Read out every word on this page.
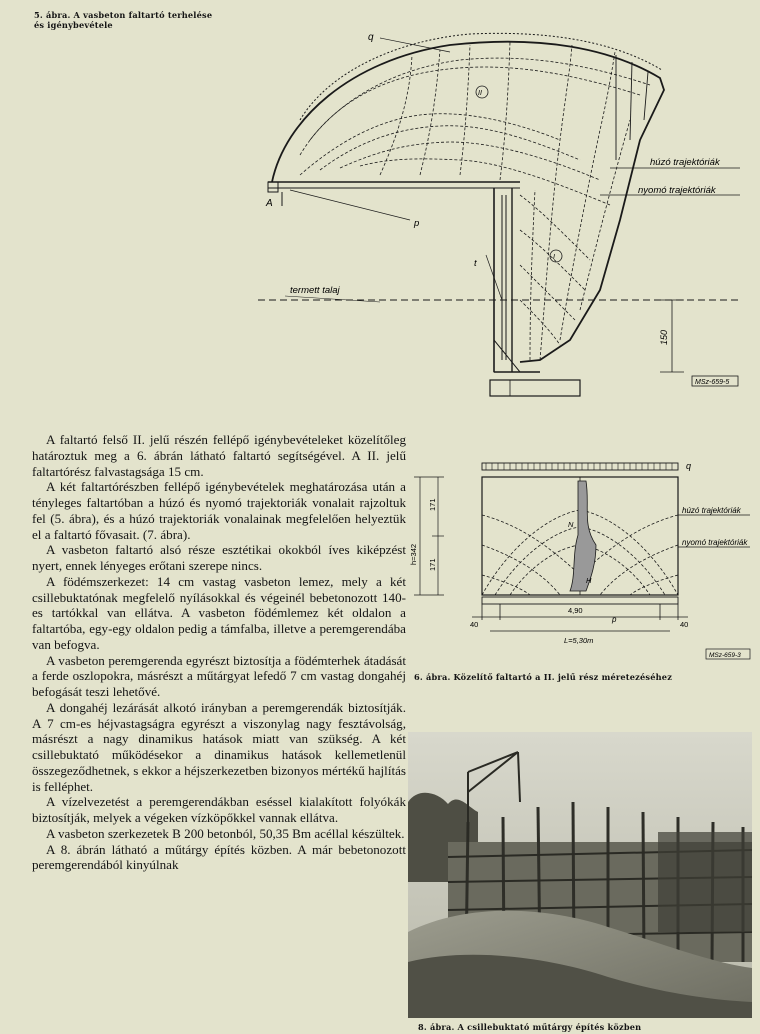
5. ábra. A vasbeton faltartó terhelése
és igénybevétele
q
II
I
húzó trajektóriák
nyomó trajektóriák
A
p
t
termett talaj
150
MSz-659-5

A faltartó felső II. jelű részén fellépő igénybevételeket közelítőleg határoztuk meg a 6. ábrán látható faltartó segítségével. A II. jelű faltartórész falvastagsága 15 cm.

A két faltartórészben fellépő igénybevételek meghatározása után a tényleges faltartóban a húzó és nyomó trajektoriák vonalait rajzoltuk fel (5. ábra), és a húzó trajektoriák vonalainak megfelelően helyeztük el a faltartó fővasait. (7. ábra).

A vasbeton faltartó alsó része esztétikai okokból íves kiképzést nyert, ennek lényeges erőtani szerepe nincs.

A födémszerkezet: 14 cm vastag vasbeton lemez, mely a két csillebuktatónak megfelelő nyílásokkal és végeinél bebetonozott 140-es tartókkal van ellátva. A vasbeton födémlemez két oldalon a faltartóba, egy-egy oldalon pedig a támfalba, illetve a peremgerendába van befogva.

A vasbeton peremgerenda egyrészt biztosítja a födémterhek átadását a ferde oszlopokra, másrészt a műtárgyat lefedő 7 cm vastag dongahéj befogását teszi lehetővé.

A dongahéj lezárását alkotó irányban a peremgerendák biztosítják. A 7 cm-es héjvastagságra egyrészt a viszonylag nagy fesztávolság, másrészt a nagy dinamikus hatások miatt van szükség. A két csillebuktató működésekor a dinamikus hatások kellemetlenül összegeződhetnek, s ekkor a héjszerkezetben bizonyos mértékű hajlítás is felléphet.

A vízelvezetést a peremgerendákban eséssel kialakított folyókák biztosítják, melyek a végeken vízköpőkkel vannak ellátva.

A vasbeton szerkezetek B 200 betonból, 50,35 Bm acéllal készültek.

A 8. ábrán látható a műtárgy építés közben. A már bebetonozott peremgerendából kinyúlnak

q
húzó trajektóriák
nyomó trajektóriák
h=342
171
171
N
H
p
40
4,90
40
L=5,30m
MSz-659-3
6. ábra. Közelítő faltartó a II. jelű rész méretezéséhez
8. ábra. A csillebuktató műtárgy építés közben
